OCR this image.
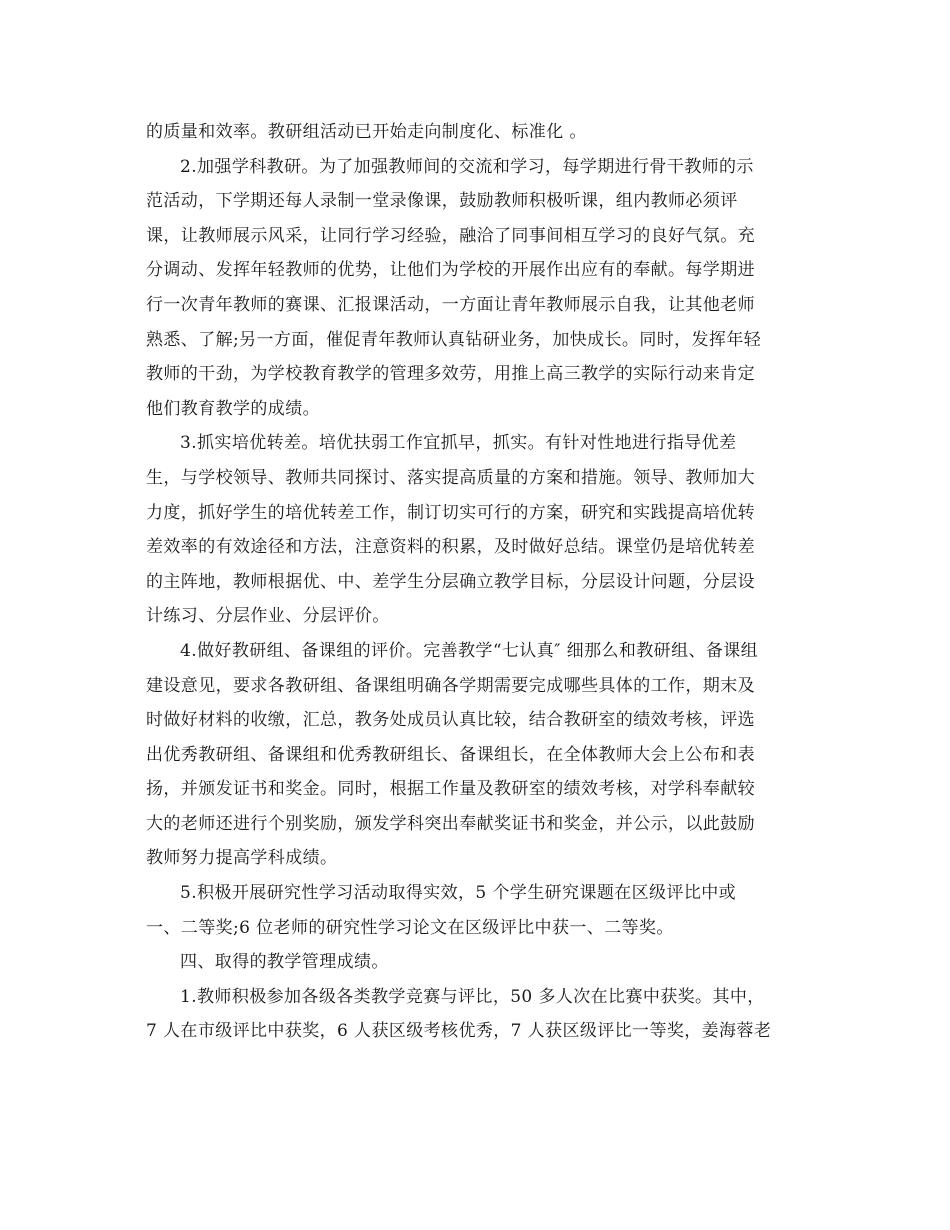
的质量和效率。教研组活动已开始走向制度化、标准化 。
2.加强学科教研。为了加强教师间的交流和学习，每学期进行骨干教师的示
范活动，下学期还每人录制一堂录像课，鼓励教师积极听课，组内教师必须评
课，让教师展示风采，让同行学习经验，融洽了同事间相互学习的良好气氛。充
分调动、发挥年轻教师的优势，让他们为学校的开展作出应有的奉献。每学期进
行一次青年教师的赛课、汇报课活动，一方面让青年教师展示自我，让其他老师
熟悉、了解;另一方面，催促青年教师认真钻研业务，加快成长。同时，发挥年轻
教师的干劲，为学校教育教学的管理多效劳，用推上高三教学的实际行动来肯定
他们教育教学的成绩。
3.抓实培优转差。培优扶弱工作宜抓早，抓实。有针对性地进行指导优差
生，与学校领导、教师共同探讨、落实提高质量的方案和措施。领导、教师加大
力度，抓好学生的培优转差工作，制订切实可行的方案，研究和实践提高培优转
差效率的有效途径和方法，注意资料的积累，及时做好总结。课堂仍是培优转差
的主阵地，教师根据优、中、差学生分层确立教学目标，分层设计问题，分层设
计练习、分层作业、分层评价。
4.做好教研组、备课组的评价。完善教学“七认真″ 细那么和教研组、备课组
建设意见，要求各教研组、备课组明确各学期需要完成哪些具体的工作，期末及
时做好材料的收缴，汇总，教务处成员认真比较，结合教研室的绩效考核，评选
出优秀教研组、备课组和优秀教研组长、备课组长，在全体教师大会上公布和表
扬，并颁发证书和奖金。同时，根据工作量及教研室的绩效考核，对学科奉献较
大的老师还进行个别奖励，颁发学科突出奉献奖证书和奖金，并公示，以此鼓励
教师努力提高学科成绩。
5.积极开展研究性学习活动取得实效，5 个学生研究课题在区级评比中或
一、二等奖;6 位老师的研究性学习论文在区级评比中获一、二等奖。
四、取得的教学管理成绩。
1.教师积极参加各级各类教学竞赛与评比，50 多人次在比赛中获奖。其中，
7 人在市级评比中获奖，6 人获区级考核优秀，7 人获区级评比一等奖，姜海蓉老
